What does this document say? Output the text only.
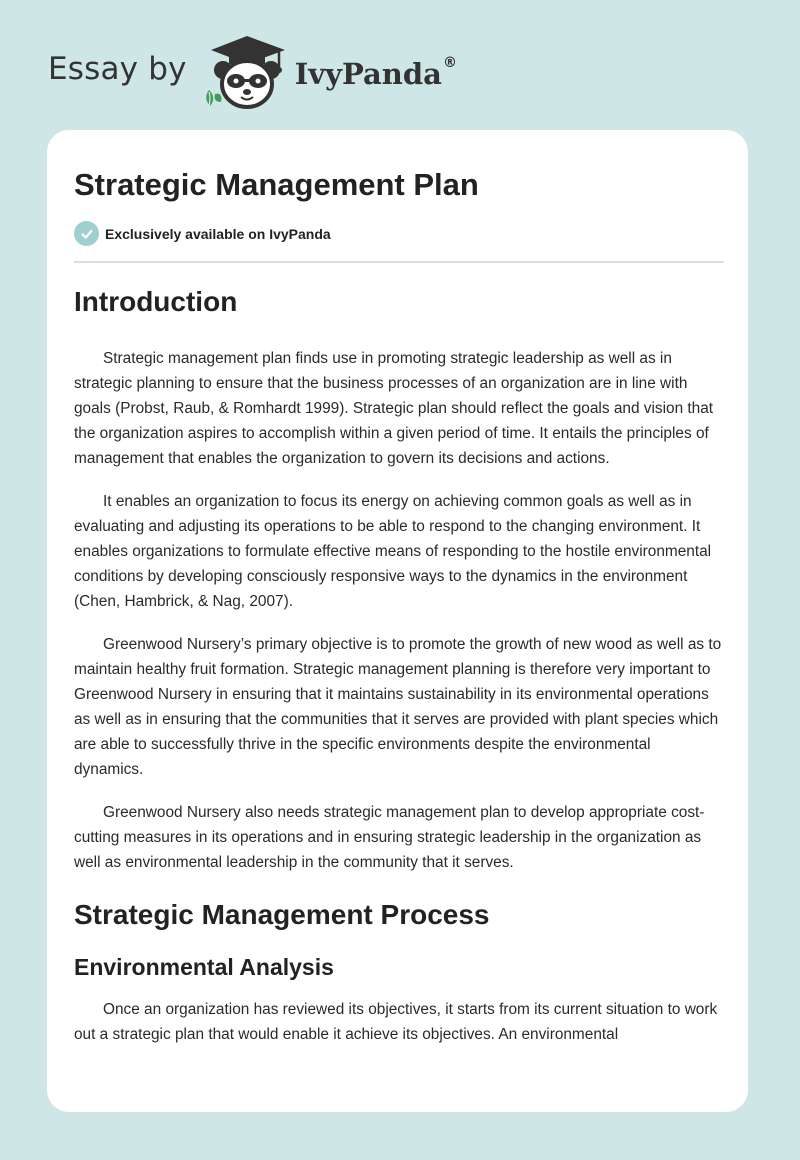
Essay by	IvyPanda®
Strategic Management Plan
Exclusively available on IvyPanda
Introduction

Strategic management plan finds use in promoting strategic leadership as well as in strategic planning to ensure that the business processes of an organization are in line with goals (Probst, Raub, & Romhardt 1999). Strategic plan should reflect the goals and vision that the organization aspires to accomplish within a given period of time. It entails the principles of management that enables the organization to govern its decisions and actions.

It enables an organization to focus its energy on achieving common goals as well as in evaluating and adjusting its operations to be able to respond to the changing environment. It enables organizations to formulate effective means of responding to the hostile environmental conditions by developing consciously responsive ways to the dynamics in the environment (Chen, Hambrick, & Nag, 2007).

Greenwood Nursery’s primary objective is to promote the growth of new wood as well as to maintain healthy fruit formation. Strategic management planning is therefore very important to Greenwood Nursery in ensuring that it maintains sustainability in its environmental operations as well as in ensuring that the communities that it serves are provided with plant species which are able to successfully thrive in the specific environments despite the environmental dynamics.

Greenwood Nursery also needs strategic management plan to develop appropriate cost-cutting measures in its operations and in ensuring strategic leadership in the organization as well as environmental leadership in the community that it serves.

Strategic Management Process
Environmental Analysis

Once an organization has reviewed its objectives, it starts from its current situation to work out a strategic plan that would enable it achieve its objectives. An environmental
